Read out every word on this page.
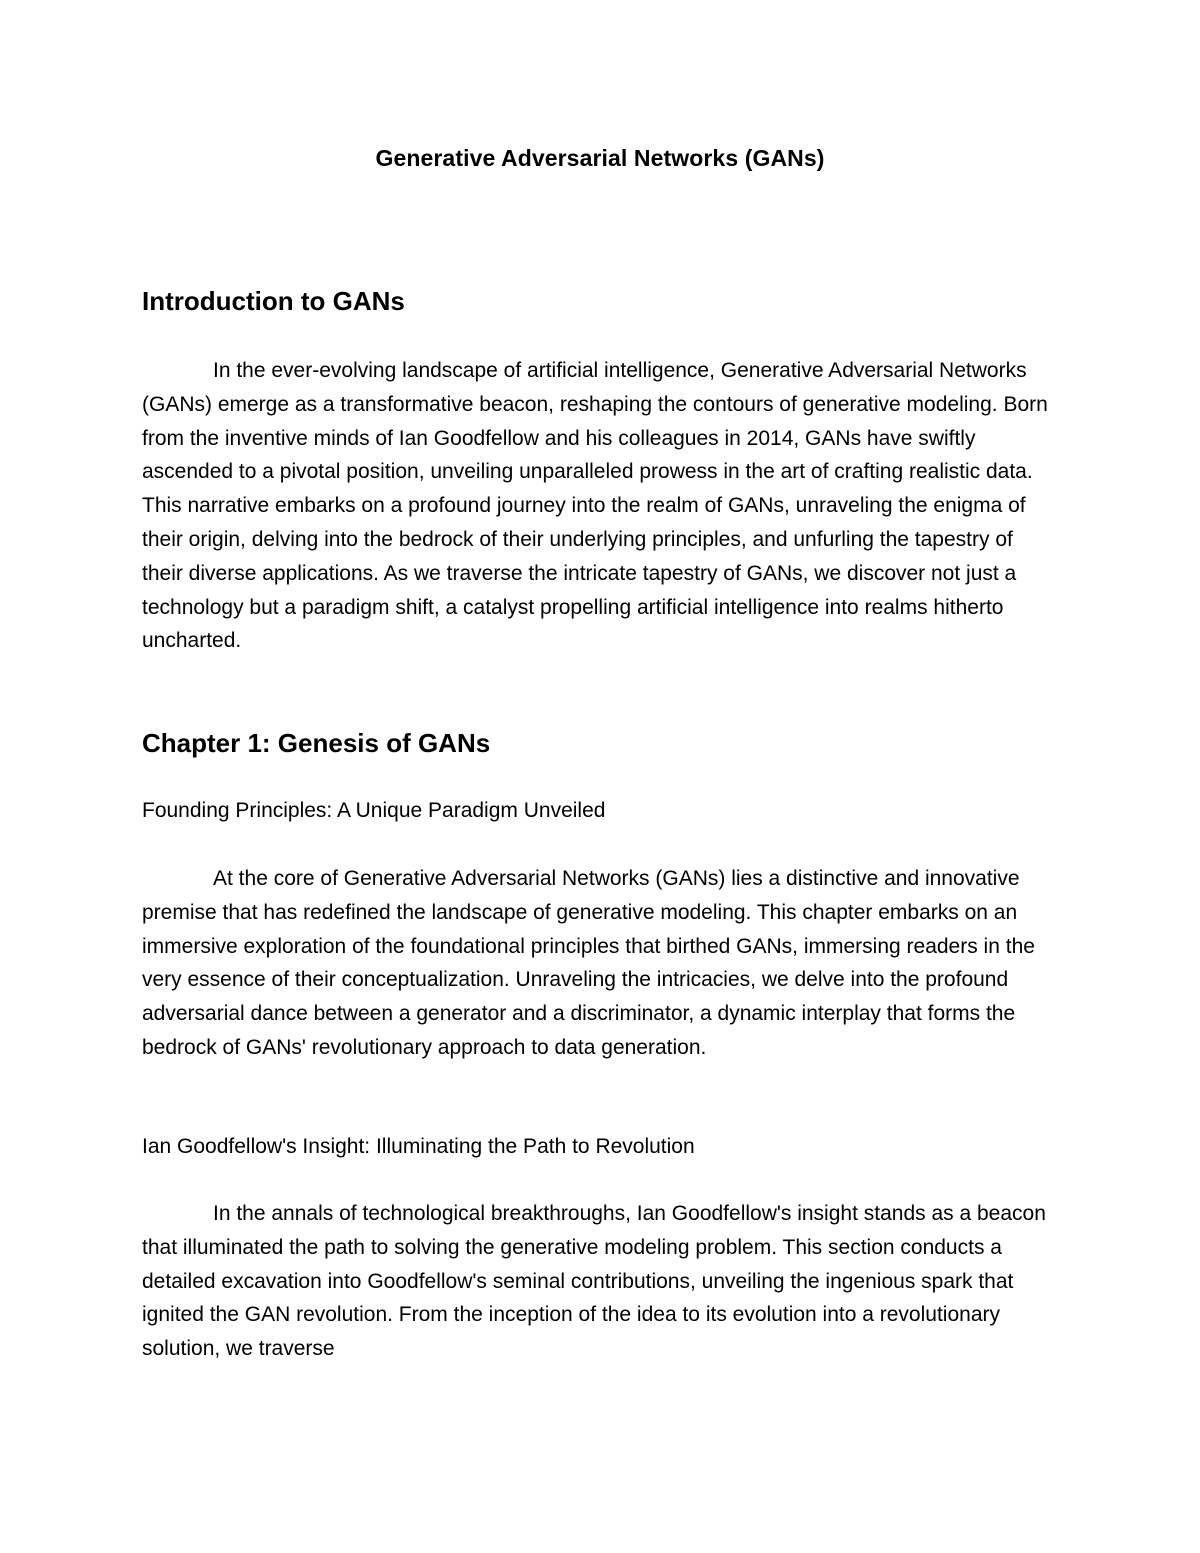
Generative Adversarial Networks (GANs)
Introduction to GANs

In the ever-evolving landscape of artificial intelligence, Generative Adversarial Networks (GANs) emerge as a transformative beacon, reshaping the contours of generative modeling. Born from the inventive minds of Ian Goodfellow and his colleagues in 2014, GANs have swiftly ascended to a pivotal position, unveiling unparalleled prowess in the art of crafting realistic data. This narrative embarks on a profound journey into the realm of GANs, unraveling the enigma of their origin, delving into the bedrock of their underlying principles, and unfurling the tapestry of their diverse applications. As we traverse the intricate tapestry of GANs, we discover not just a technology but a paradigm shift, a catalyst propelling artificial intelligence into realms hitherto uncharted.

Chapter 1: Genesis of GANs
Founding Principles: A Unique Paradigm Unveiled

At the core of Generative Adversarial Networks (GANs) lies a distinctive and innovative premise that has redefined the landscape of generative modeling. This chapter embarks on an immersive exploration of the foundational principles that birthed GANs, immersing readers in the very essence of their conceptualization. Unraveling the intricacies, we delve into the profound adversarial dance between a generator and a discriminator, a dynamic interplay that forms the bedrock of GANs' revolutionary approach to data generation.

Ian Goodfellow's Insight: Illuminating the Path to Revolution

In the annals of technological breakthroughs, Ian Goodfellow's insight stands as a beacon that illuminated the path to solving the generative modeling problem. This section conducts a detailed excavation into Goodfellow's seminal contributions, unveiling the ingenious spark that ignited the GAN revolution. From the inception of the idea to its evolution into a revolutionary solution, we traverse
